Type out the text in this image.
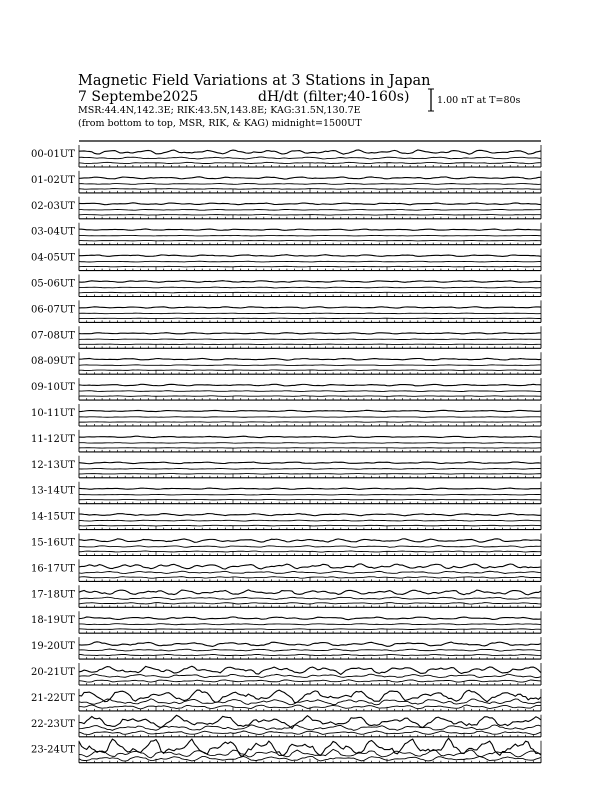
Magnetic Field Variations at 3 Stations in Japan
7 Septembe2025	dH/dt (filter;40-160s)
MSR:44.4N,142.3E; RIK:43.5N,143.8E; KAG:31.5N,130.7E
(from bottom to top, MSR, RIK, & KAG) midnight=1500UT
1.00 nT at T=80s
00-01UT
01-02UT
02-03UT
03-04UT
04-05UT
05-06UT
06-07UT
07-08UT
08-09UT
09-10UT
10-11UT
11-12UT
12-13UT
13-14UT
14-15UT
15-16UT
16-17UT
17-18UT
18-19UT
19-20UT
20-21UT
21-22UT
22-23UT
23-24UT
